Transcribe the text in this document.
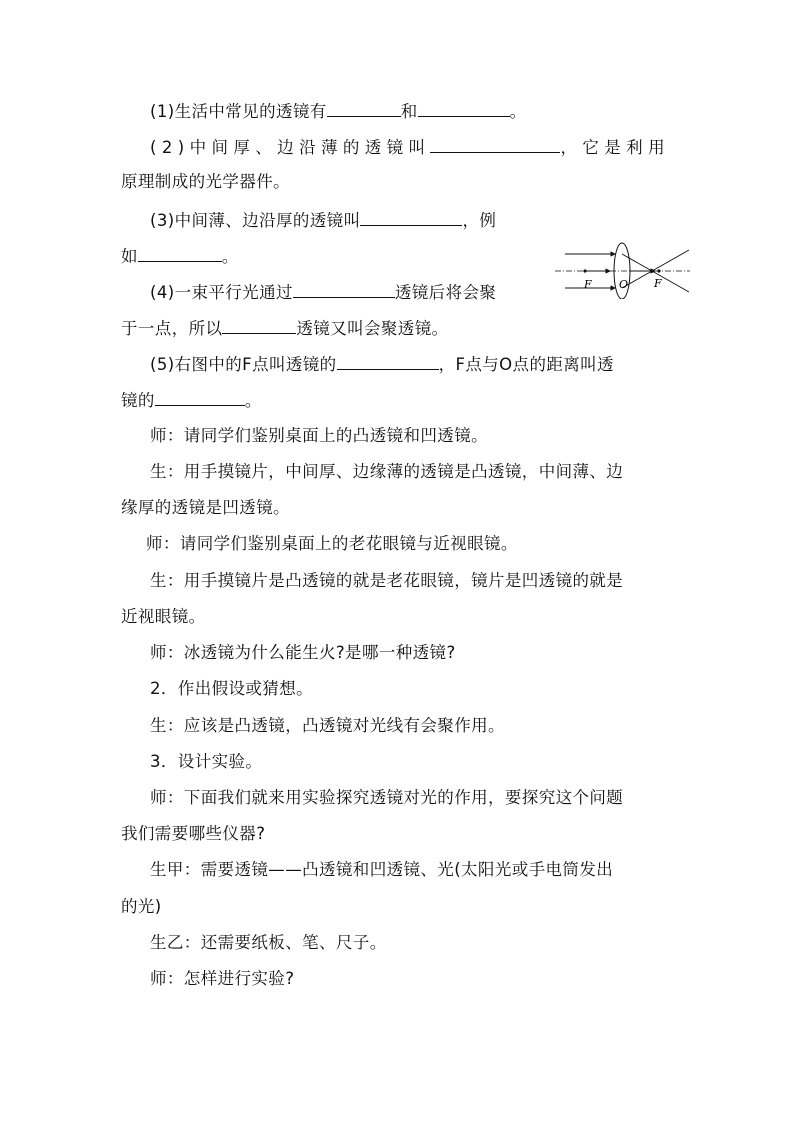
(1)生活中常见的透镜有	和	。
(2)中间厚、边沿薄的透镜叫	，它是利用
原理制成的光学器件。
(3)中间薄、边沿厚的透镜叫	，例
如	。
(4)一束平行光通过	透镜后将会聚
于一点，所以	透镜又叫会聚透镜。
F O F
(5)右图中的F点叫透镜的	，F点与O点的距离叫透
镜的	。
师：请同学们鉴别桌面上的凸透镜和凹透镜。
生：用手摸镜片，中间厚、边缘薄的透镜是凸透镜，中间薄、边
缘厚的透镜是凹透镜。
师：请同学们鉴别桌面上的老花眼镜与近视眼镜。
生：用手摸镜片是凸透镜的就是老花眼镜，镜片是凹透镜的就是
近视眼镜。
师：冰透镜为什么能生火?是哪一种透镜?
2．作出假设或猜想。
生：应该是凸透镜，凸透镜对光线有会聚作用。
3．设计实验。
师：下面我们就来用实验探究透镜对光的作用，要探究这个问题
我们需要哪些仪器?
生甲：需要透镜——凸透镜和凹透镜、光(太阳光或手电筒发出
的光)
生乙：还需要纸板、笔、尺子。
师：怎样进行实验?
